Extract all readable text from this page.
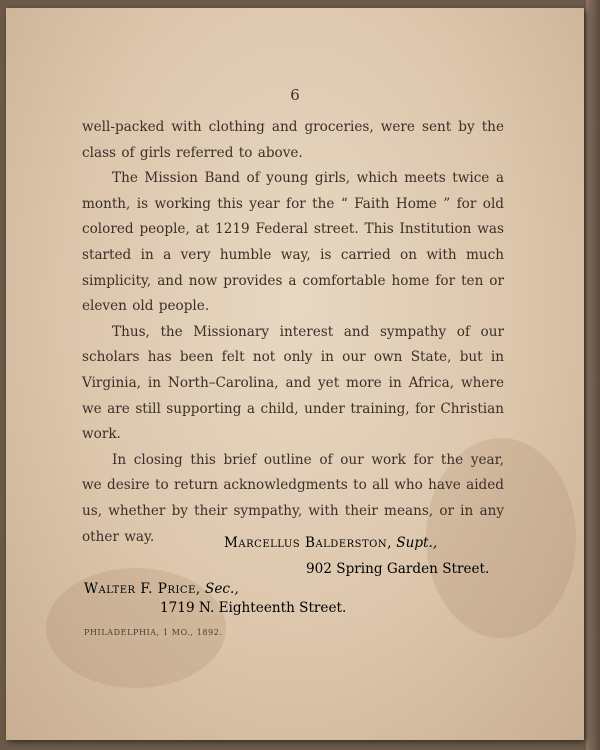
6

well-packed with clothing and groceries, were sent by the class of girls referred to above.

The Mission Band of young girls, which meets twice a month, is working this year for the “ Faith Home ” for old colored people, at 1219 Federal street. This Institution was started in a very humble way, is carried on with much simplicity, and now provides a comfortable home for ten or eleven old people.

Thus, the Missionary interest and sympathy of our scholars has been felt not only in our own State, but in Virginia, in North–Carolina, and yet more in Africa, where we are still supporting a child, under training, for Christian work.

In closing this brief outline of our work for the year, we desire to return acknowledgments to all who have aided us, whether by their sympathy, with their means, or in any other way.	Marcellus Balderston, Supt.,
902 Spring Garden Street.
Walter F. Price, Sec.,
1719 N. Eighteenth Street.
PHILADELPHIA, 1 MO., 1892.
